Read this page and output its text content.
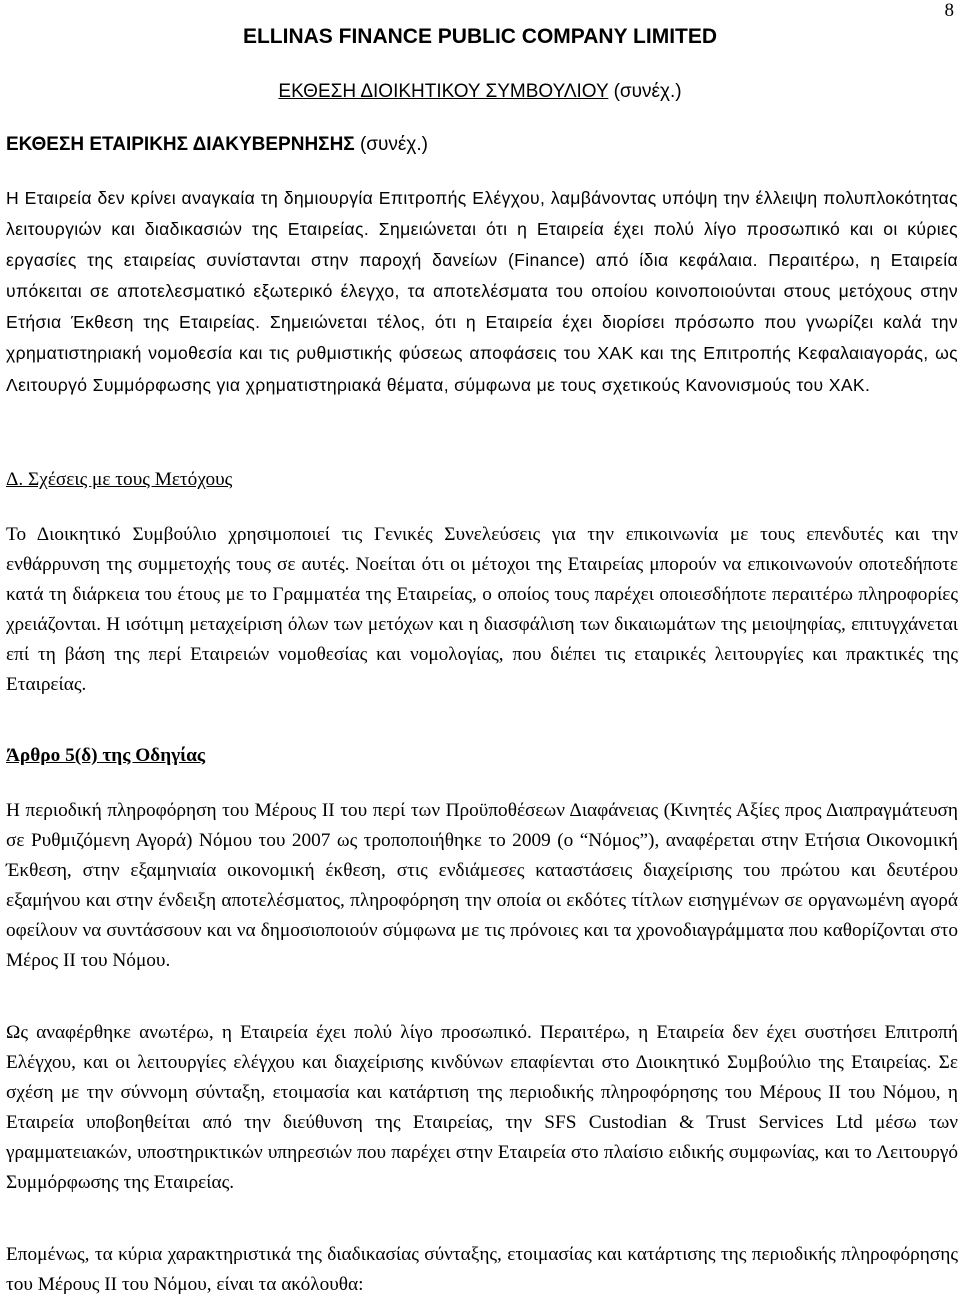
8
ELLINAS FINANCE PUBLIC COMPANY LIMITED
ΕΚΘΕΣΗ ΔΙΟΙΚΗΤΙΚΟΥ ΣΥΜΒΟΥΛΙΟΥ (συνέχ.)
ΕΚΘΕΣΗ ΕΤΑΙΡΙΚΗΣ ΔΙΑΚΥΒΕΡΝΗΣΗΣ (συνέχ.)

Η Εταιρεία δεν κρίνει αναγκαία τη δημιουργία Επιτροπής Ελέγχου, λαμβάνοντας υπόψη την έλλειψη πολυπλοκότητας λειτουργιών και διαδικασιών της Εταιρείας. Σημειώνεται ότι η Εταιρεία έχει πολύ λίγο προσωπικό και οι κύριες εργασίες της εταιρείας συνίστανται στην παροχή δανείων (Finance) από ίδια κεφάλαια. Περαιτέρω, η Εταιρεία υπόκειται σε αποτελεσματικό εξωτερικό έλεγχο, τα αποτελέσματα του οποίου κοινοποιούνται στους μετόχους στην Ετήσια Έκθεση της Εταιρείας. Σημειώνεται τέλος, ότι η Εταιρεία έχει διορίσει πρόσωπο που γνωρίζει καλά την χρηματιστηριακή νομοθεσία και τις ρυθμιστικής φύσεως αποφάσεις του ΧΑΚ και της Επιτροπής Κεφαλαιαγοράς, ως Λειτουργό Συμμόρφωσης για χρηματιστηριακά θέματα, σύμφωνα με τους σχετικούς Κανονισμούς του ΧΑΚ.

Δ. Σχέσεις με τους Μετόχους

Το Διοικητικό Συμβούλιο χρησιμοποιεί τις Γενικές Συνελεύσεις για την επικοινωνία με τους επενδυτές και την ενθάρρυνση της συμμετοχής τους σε αυτές. Νοείται ότι οι μέτοχοι της Εταιρείας μπορούν να επικοινωνούν οποτεδήποτε κατά τη διάρκεια του έτους με το Γραμματέα της Εταιρείας, ο οποίος τους παρέχει οποιεσδήποτε περαιτέρω πληροφορίες χρειάζονται. Η ισότιμη μεταχείριση όλων των μετόχων και η διασφάλιση των δικαιωμάτων της μειοψηφίας, επιτυγχάνεται επί τη βάση της περί Εταιρειών νομοθεσίας και νομολογίας, που διέπει τις εταιρικές λειτουργίες και πρακτικές της Εταιρείας.

Άρθρο 5(δ) της Οδηγίας

Η περιοδική πληροφόρηση του Μέρους ΙΙ του περί των Προϋποθέσεων Διαφάνειας (Κινητές Αξίες προς Διαπραγμάτευση σε Ρυθμιζόμενη Αγορά) Νόμου του 2007 ως τροποποιήθηκε το 2009 (ο “Νόμος”), αναφέρεται στην Ετήσια Οικονομική Έκθεση, στην εξαμηνιαία οικονομική έκθεση, στις ενδιάμεσες καταστάσεις διαχείρισης του πρώτου και δευτέρου εξαμήνου και στην ένδειξη αποτελέσματος, πληροφόρηση την οποία οι εκδότες τίτλων εισηγμένων σε οργανωμένη αγορά οφείλουν να συντάσσουν και να δημοσιοποιούν σύμφωνα με τις πρόνοιες και τα χρονοδιαγράμματα που καθορίζονται στο Μέρος ΙΙ του Νόμου.

Ως αναφέρθηκε ανωτέρω, η Εταιρεία έχει πολύ λίγο προσωπικό. Περαιτέρω, η Εταιρεία δεν έχει συστήσει Επιτροπή Ελέγχου, και οι λειτουργίες ελέγχου και διαχείρισης κινδύνων επαφίενται στο Διοικητικό Συμβούλιο της Εταιρείας. Σε σχέση με την σύννομη σύνταξη, ετοιμασία και κατάρτιση της περιοδικής πληροφόρησης του Μέρους ΙΙ του Νόμου, η Εταιρεία υποβοηθείται από την διεύθυνση της Εταιρείας, την SFS Custodian & Trust Services Ltd μέσω των γραμματειακών, υποστηρικτικών υπηρεσιών που παρέχει στην Εταιρεία στο πλαίσιο ειδικής συμφωνίας, και το Λειτουργό Συμμόρφωσης της Εταιρείας.

Επομένως, τα κύρια χαρακτηριστικά της διαδικασίας σύνταξης, ετοιμασίας και κατάρτισης της περιοδικής πληροφόρησης του Μέρους ΙΙ του Νόμου, είναι τα ακόλουθα:
